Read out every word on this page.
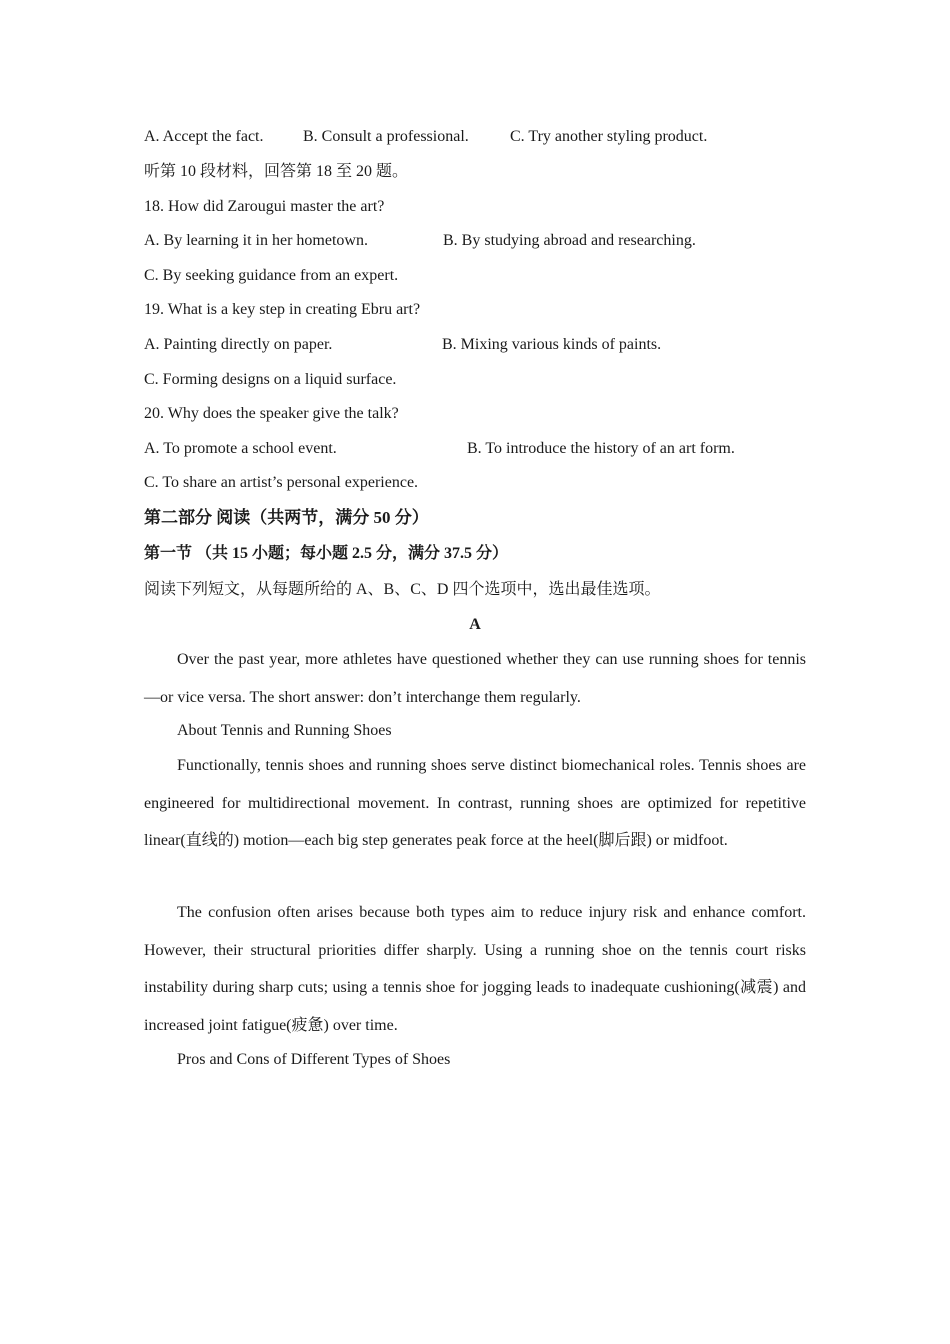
A. Accept the fact. B. Consult a professional.	C. Try another styling product.
听第 10 段材料，回答第 18 至 20 题。
18. How did Zarougui master the art?
A. By learning it in her hometown.	B. By studying abroad and researching.
C. By seeking guidance from an expert.
19. What is a key step in creating Ebru art?
A. Painting directly on paper.	B. Mixing various kinds of paints.
C. Forming designs on a liquid surface.
20. Why does the speaker give the talk?
A. To promote a school event.	B. To introduce the history of an art form.
C. To share an artist’s personal experience.
第二部分 阅读（共两节，满分 50 分）
第一节 （共 15 小题；每小题 2.5 分，满分 37.5 分）
阅读下列短文，从每题所给的 A、B、C、D 四个选项中，选出最佳选项。
A
Over the past year, more athletes have questioned whether they can use running shoes for tennis—or vice versa. The short answer: don’t interchange them regularly.
About Tennis and Running Shoes
Functionally, tennis shoes and running shoes serve distinct biomechanical roles. Tennis shoes are engineered for multidirectional movement. In contrast, running shoes are optimized for repetitive linear(直线的) motion—each big step generates peak force at the heel(脚后跟) or midfoot.
The confusion often arises because both types aim to reduce injury risk and enhance comfort. However, their structural priorities differ sharply. Using a running shoe on the tennis court risks instability during sharp cuts; using a tennis shoe for jogging leads to inadequate cushioning(减震) and increased joint fatigue(疲惫) over time.
Pros and Cons of Different Types of Shoes
